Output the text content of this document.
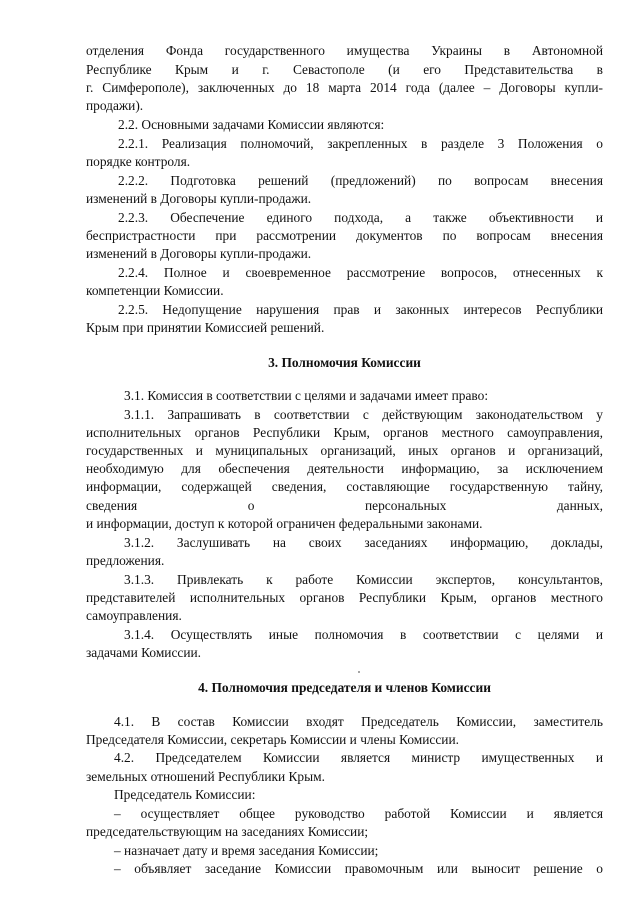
отделения Фонда государственного имущества Украины в Автономной
Республике Крым и г. Севастополе (и его Представительства в
г. Симферополе), заключенных до 18 марта 2014 года (далее – Договоры купли-
продажи).
2.2. Основными задачами Комиссии являются:
2.2.1. Реализация полномочий, закрепленных в разделе 3 Положения о
порядке контроля.
2.2.2. Подготовка решений (предложений) по вопросам внесения
изменений в Договоры купли-продажи.
2.2.3. Обеспечение единого подхода, а также объективности и
беспристрастности при рассмотрении документов по вопросам внесения
изменений в Договоры купли-продажи.
2.2.4. Полное и своевременное рассмотрение вопросов, отнесенных к
компетенции Комиссии.
2.2.5. Недопущение нарушения прав и законных интересов Республики
Крым при принятии Комиссией решений.
3. Полномочия Комиссии
3.1. Комиссия в соответствии с целями и задачами имеет право:
3.1.1. Запрашивать в соответствии с действующим законодательством у
исполнительных органов Республики Крым, органов местного самоуправления,
государственных и муниципальных организаций, иных органов и организаций,
необходимую для обеспечения деятельности информацию, за исключением
информации, содержащей сведения, составляющие государственную тайну,
сведения о персональных данных,
и информации, доступ к которой ограничен федеральными законами.
3.1.2. Заслушивать на своих заседаниях информацию, доклады,
предложения.
3.1.3. Привлекать к работе Комиссии экспертов, консультантов,
представителей исполнительных органов Республики Крым, органов местного
самоуправления.
3.1.4. Осуществлять иные полномочия в соответствии с целями и
задачами Комиссии.
4. Полномочия председателя и членов Комиссии
4.1. В состав Комиссии входят Председатель Комиссии, заместитель
Председателя Комиссии, секретарь Комиссии и члены Комиссии.
4.2. Председателем Комиссии является министр имущественных и
земельных отношений Республики Крым.
Председатель Комиссии:
– осуществляет общее руководство работой Комиссии и является
председательствующим на заседаниях Комиссии;
– назначает дату и время заседания Комиссии;
– объявляет заседание Комиссии правомочным или выносит решение о
